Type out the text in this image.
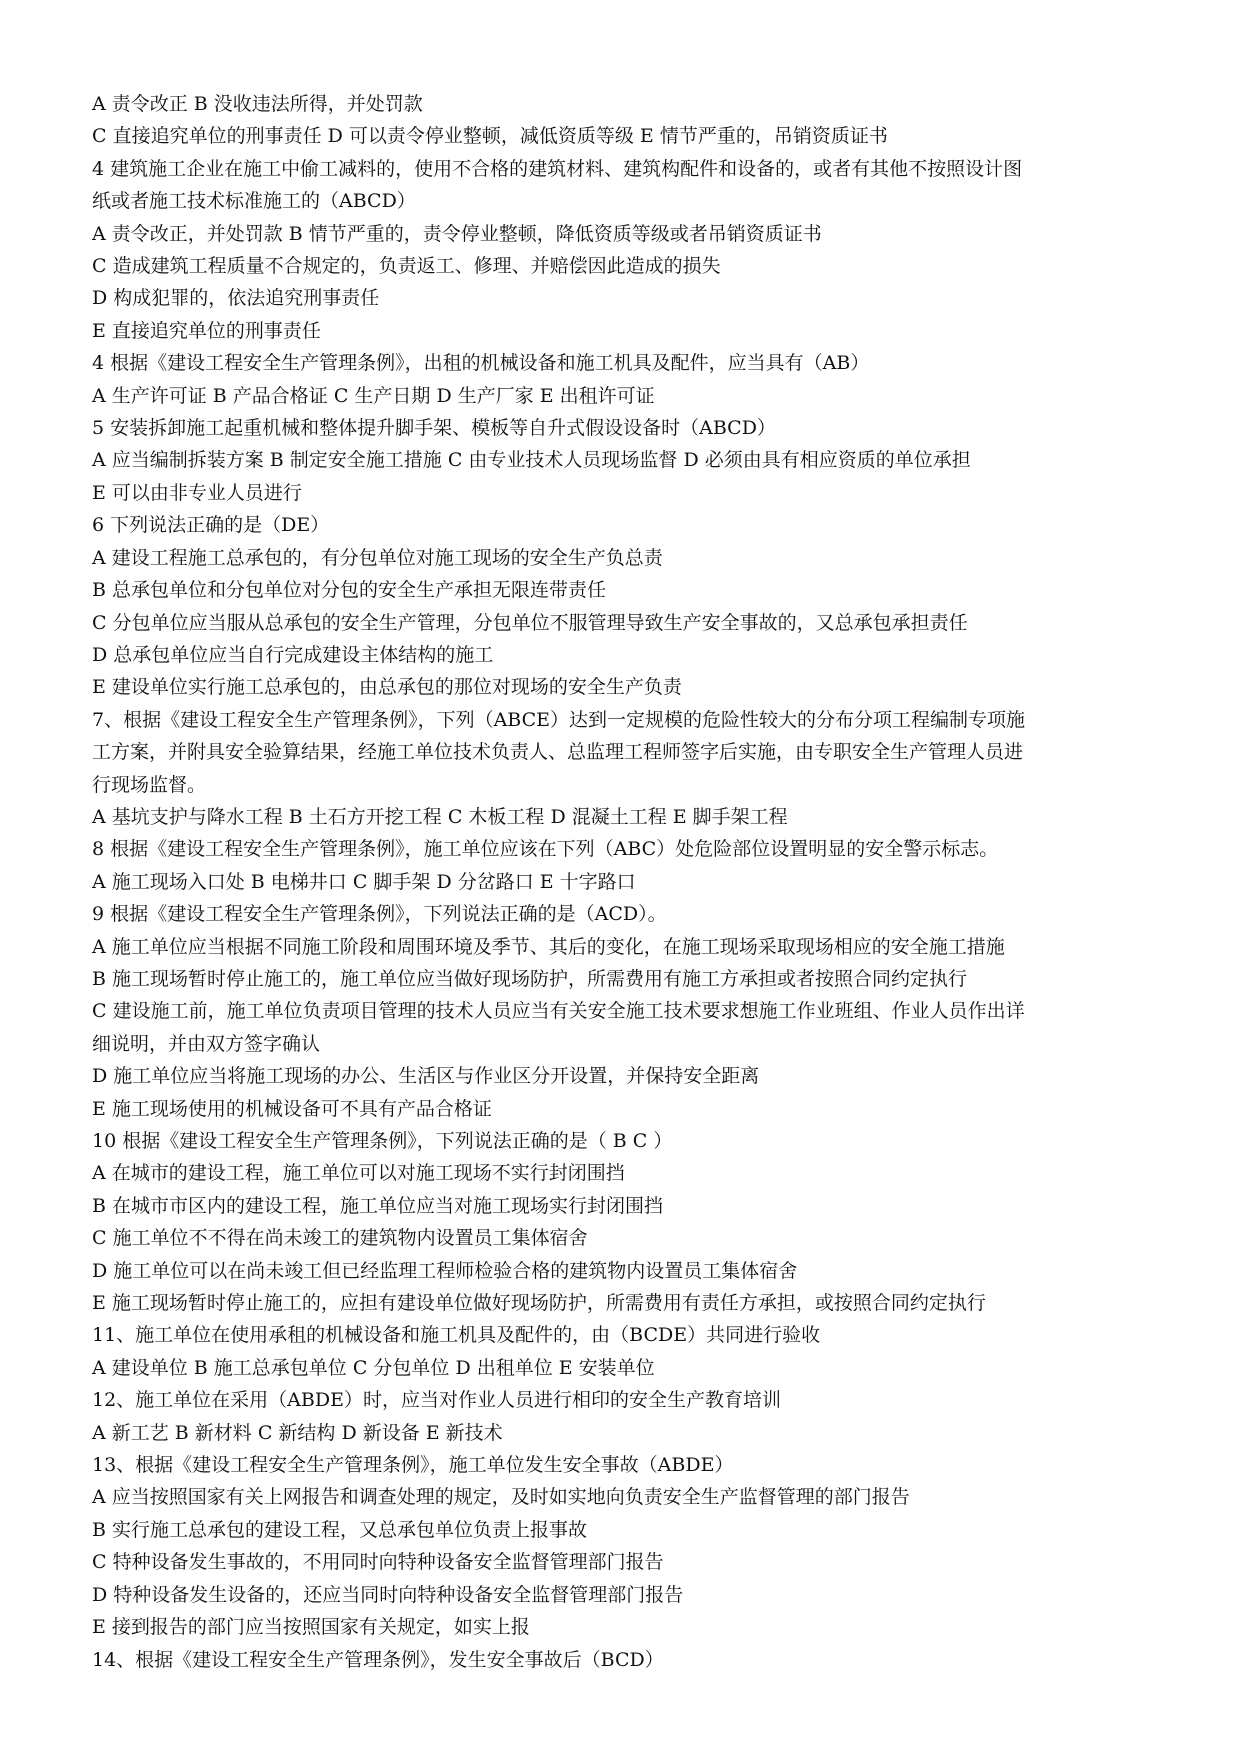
A 责令改正 B 没收违法所得，并处罚款
C 直接追究单位的刑事责任 D 可以责令停业整顿，减低资质等级 E 情节严重的，吊销资质证书
4 建筑施工企业在施工中偷工减料的，使用不合格的建筑材料、建筑构配件和设备的，或者有其他不按照设计图
纸或者施工技术标准施工的（ABCD）
A 责令改正，并处罚款 B 情节严重的，责令停业整顿，降低资质等级或者吊销资质证书
C 造成建筑工程质量不合规定的，负责返工、修理、并赔偿因此造成的损失
D 构成犯罪的，依法追究刑事责任
E 直接追究单位的刑事责任
4 根据《建设工程安全生产管理条例》，出租的机械设备和施工机具及配件，应当具有（AB）
A 生产许可证 B 产品合格证 C 生产日期 D 生产厂家 E 出租许可证
5 安装拆卸施工起重机械和整体提升脚手架、模板等自升式假设设备时（ABCD）
A 应当编制拆装方案 B 制定安全施工措施 C 由专业技术人员现场监督 D 必须由具有相应资质的单位承担
E 可以由非专业人员进行
6 下列说法正确的是（DE）
A 建设工程施工总承包的，有分包单位对施工现场的安全生产负总责
B 总承包单位和分包单位对分包的安全生产承担无限连带责任
C 分包单位应当服从总承包的安全生产管理，分包单位不服管理导致生产安全事故的，又总承包承担责任
D 总承包单位应当自行完成建设主体结构的施工
E 建设单位实行施工总承包的，由总承包的那位对现场的安全生产负责
7、根据《建设工程安全生产管理条例》，下列（ABCE）达到一定规模的危险性较大的分布分项工程编制专项施
工方案，并附具安全验算结果，经施工单位技术负责人、总监理工程师签字后实施，由专职安全生产管理人员进
行现场监督。
A 基坑支护与降水工程 B 土石方开挖工程 C 木板工程 D 混凝土工程 E 脚手架工程
8 根据《建设工程安全生产管理条例》，施工单位应该在下列（ABC）处危险部位设置明显的安全警示标志。
A 施工现场入口处 B 电梯井口 C 脚手架 D 分岔路口 E 十字路口
9 根据《建设工程安全生产管理条例》，下列说法正确的是（ACD）。
A 施工单位应当根据不同施工阶段和周围环境及季节、其后的变化，在施工现场采取现场相应的安全施工措施
B 施工现场暂时停止施工的，施工单位应当做好现场防护，所需费用有施工方承担或者按照合同约定执行
C 建设施工前，施工单位负责项目管理的技术人员应当有关安全施工技术要求想施工作业班组、作业人员作出详
细说明，并由双方签字确认
D 施工单位应当将施工现场的办公、生活区与作业区分开设置，并保持安全距离
E 施工现场使用的机械设备可不具有产品合格证
10 根据《建设工程安全生产管理条例》，下列说法正确的是（ B C ）
A 在城市的建设工程，施工单位可以对施工现场不实行封闭围挡
B 在城市市区内的建设工程，施工单位应当对施工现场实行封闭围挡
C 施工单位不不得在尚未竣工的建筑物内设置员工集体宿舍
D 施工单位可以在尚未竣工但已经监理工程师检验合格的建筑物内设置员工集体宿舍
E 施工现场暂时停止施工的，应担有建设单位做好现场防护，所需费用有责任方承担，或按照合同约定执行
11、施工单位在使用承租的机械设备和施工机具及配件的，由（BCDE）共同进行验收
A 建设单位 B 施工总承包单位 C 分包单位 D 出租单位 E 安装单位
12、施工单位在采用（ABDE）时，应当对作业人员进行相印的安全生产教育培训
A 新工艺 B 新材料 C 新结构 D 新设备 E 新技术
13、根据《建设工程安全生产管理条例》，施工单位发生安全事故（ABDE）
A 应当按照国家有关上网报告和调查处理的规定，及时如实地向负责安全生产监督管理的部门报告
B 实行施工总承包的建设工程，又总承包单位负责上报事故
C 特种设备发生事故的，不用同时向特种设备安全监督管理部门报告
D 特种设备发生设备的，还应当同时向特种设备安全监督管理部门报告
E 接到报告的部门应当按照国家有关规定，如实上报
14、根据《建设工程安全生产管理条例》，发生安全事故后（BCD）
